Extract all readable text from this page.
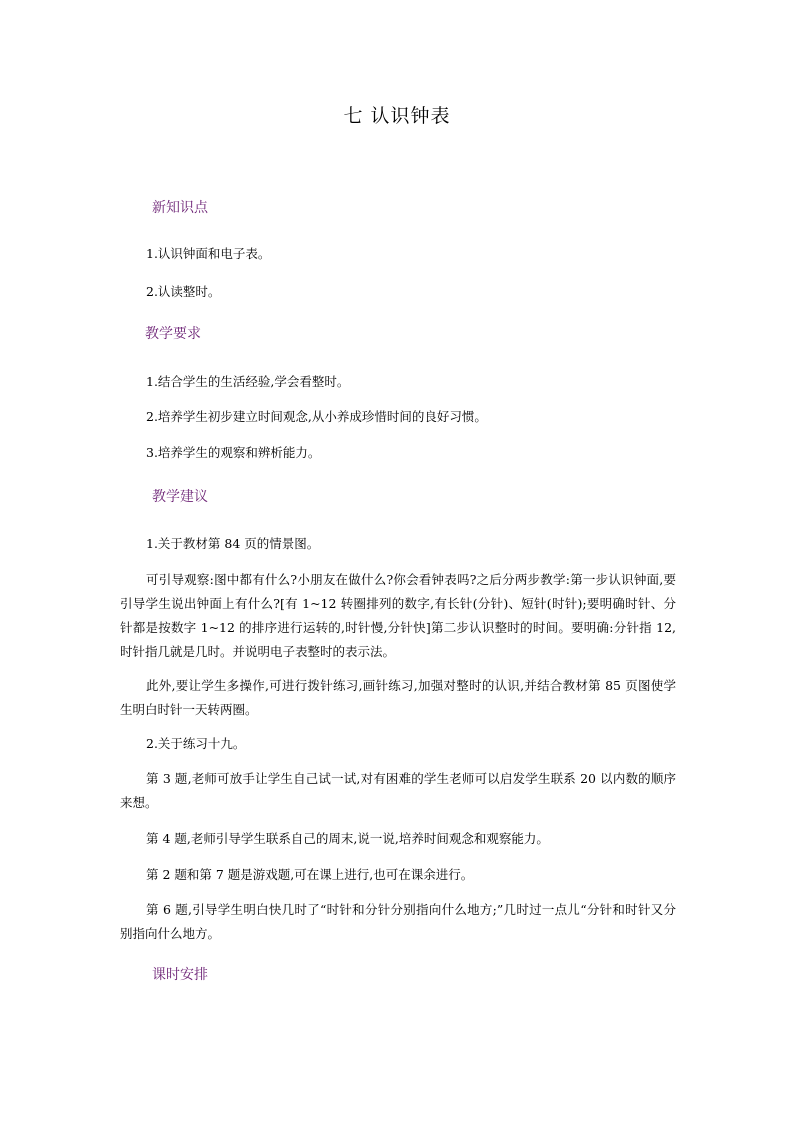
七 认识钟表
新知识点
1.认识钟面和电子表。
2.认读整时。
教学要求
1.结合学生的生活经验,学会看整时。
2.培养学生初步建立时间观念,从小养成珍惜时间的良好习惯。
3.培养学生的观察和辨析能力。
教学建议
1.关于教材第 84 页的情景图。
可引导观察:图中都有什么?小朋友在做什么?你会看钟表吗?之后分两步教学:第一步认识钟面,要引导学生说出钟面上有什么?[有 1~12 转圈排列的数字,有长针(分针)、短针(时针);要明确时针、分针都是按数字 1~12 的排序进行运转的,时针慢,分针快]第二步认识整时的时间。要明确:分针指 12,时针指几就是几时。并说明电子表整时的表示法。
此外,要让学生多操作,可进行拨针练习,画针练习,加强对整时的认识,并结合教材第 85 页图使学生明白时针一天转两圈。
2.关于练习十九。
第 3 题,老师可放手让学生自己试一试,对有困难的学生老师可以启发学生联系 20 以内数的顺序来想。
第 4 题,老师引导学生联系自己的周末,说一说,培养时间观念和观察能力。
第 2 题和第 7 题是游戏题,可在课上进行,也可在课余进行。
第 6 题,引导学生明白快几时了“时针和分针分别指向什么地方;”几时过一点儿“分针和时针又分别指向什么地方。
课时安排
